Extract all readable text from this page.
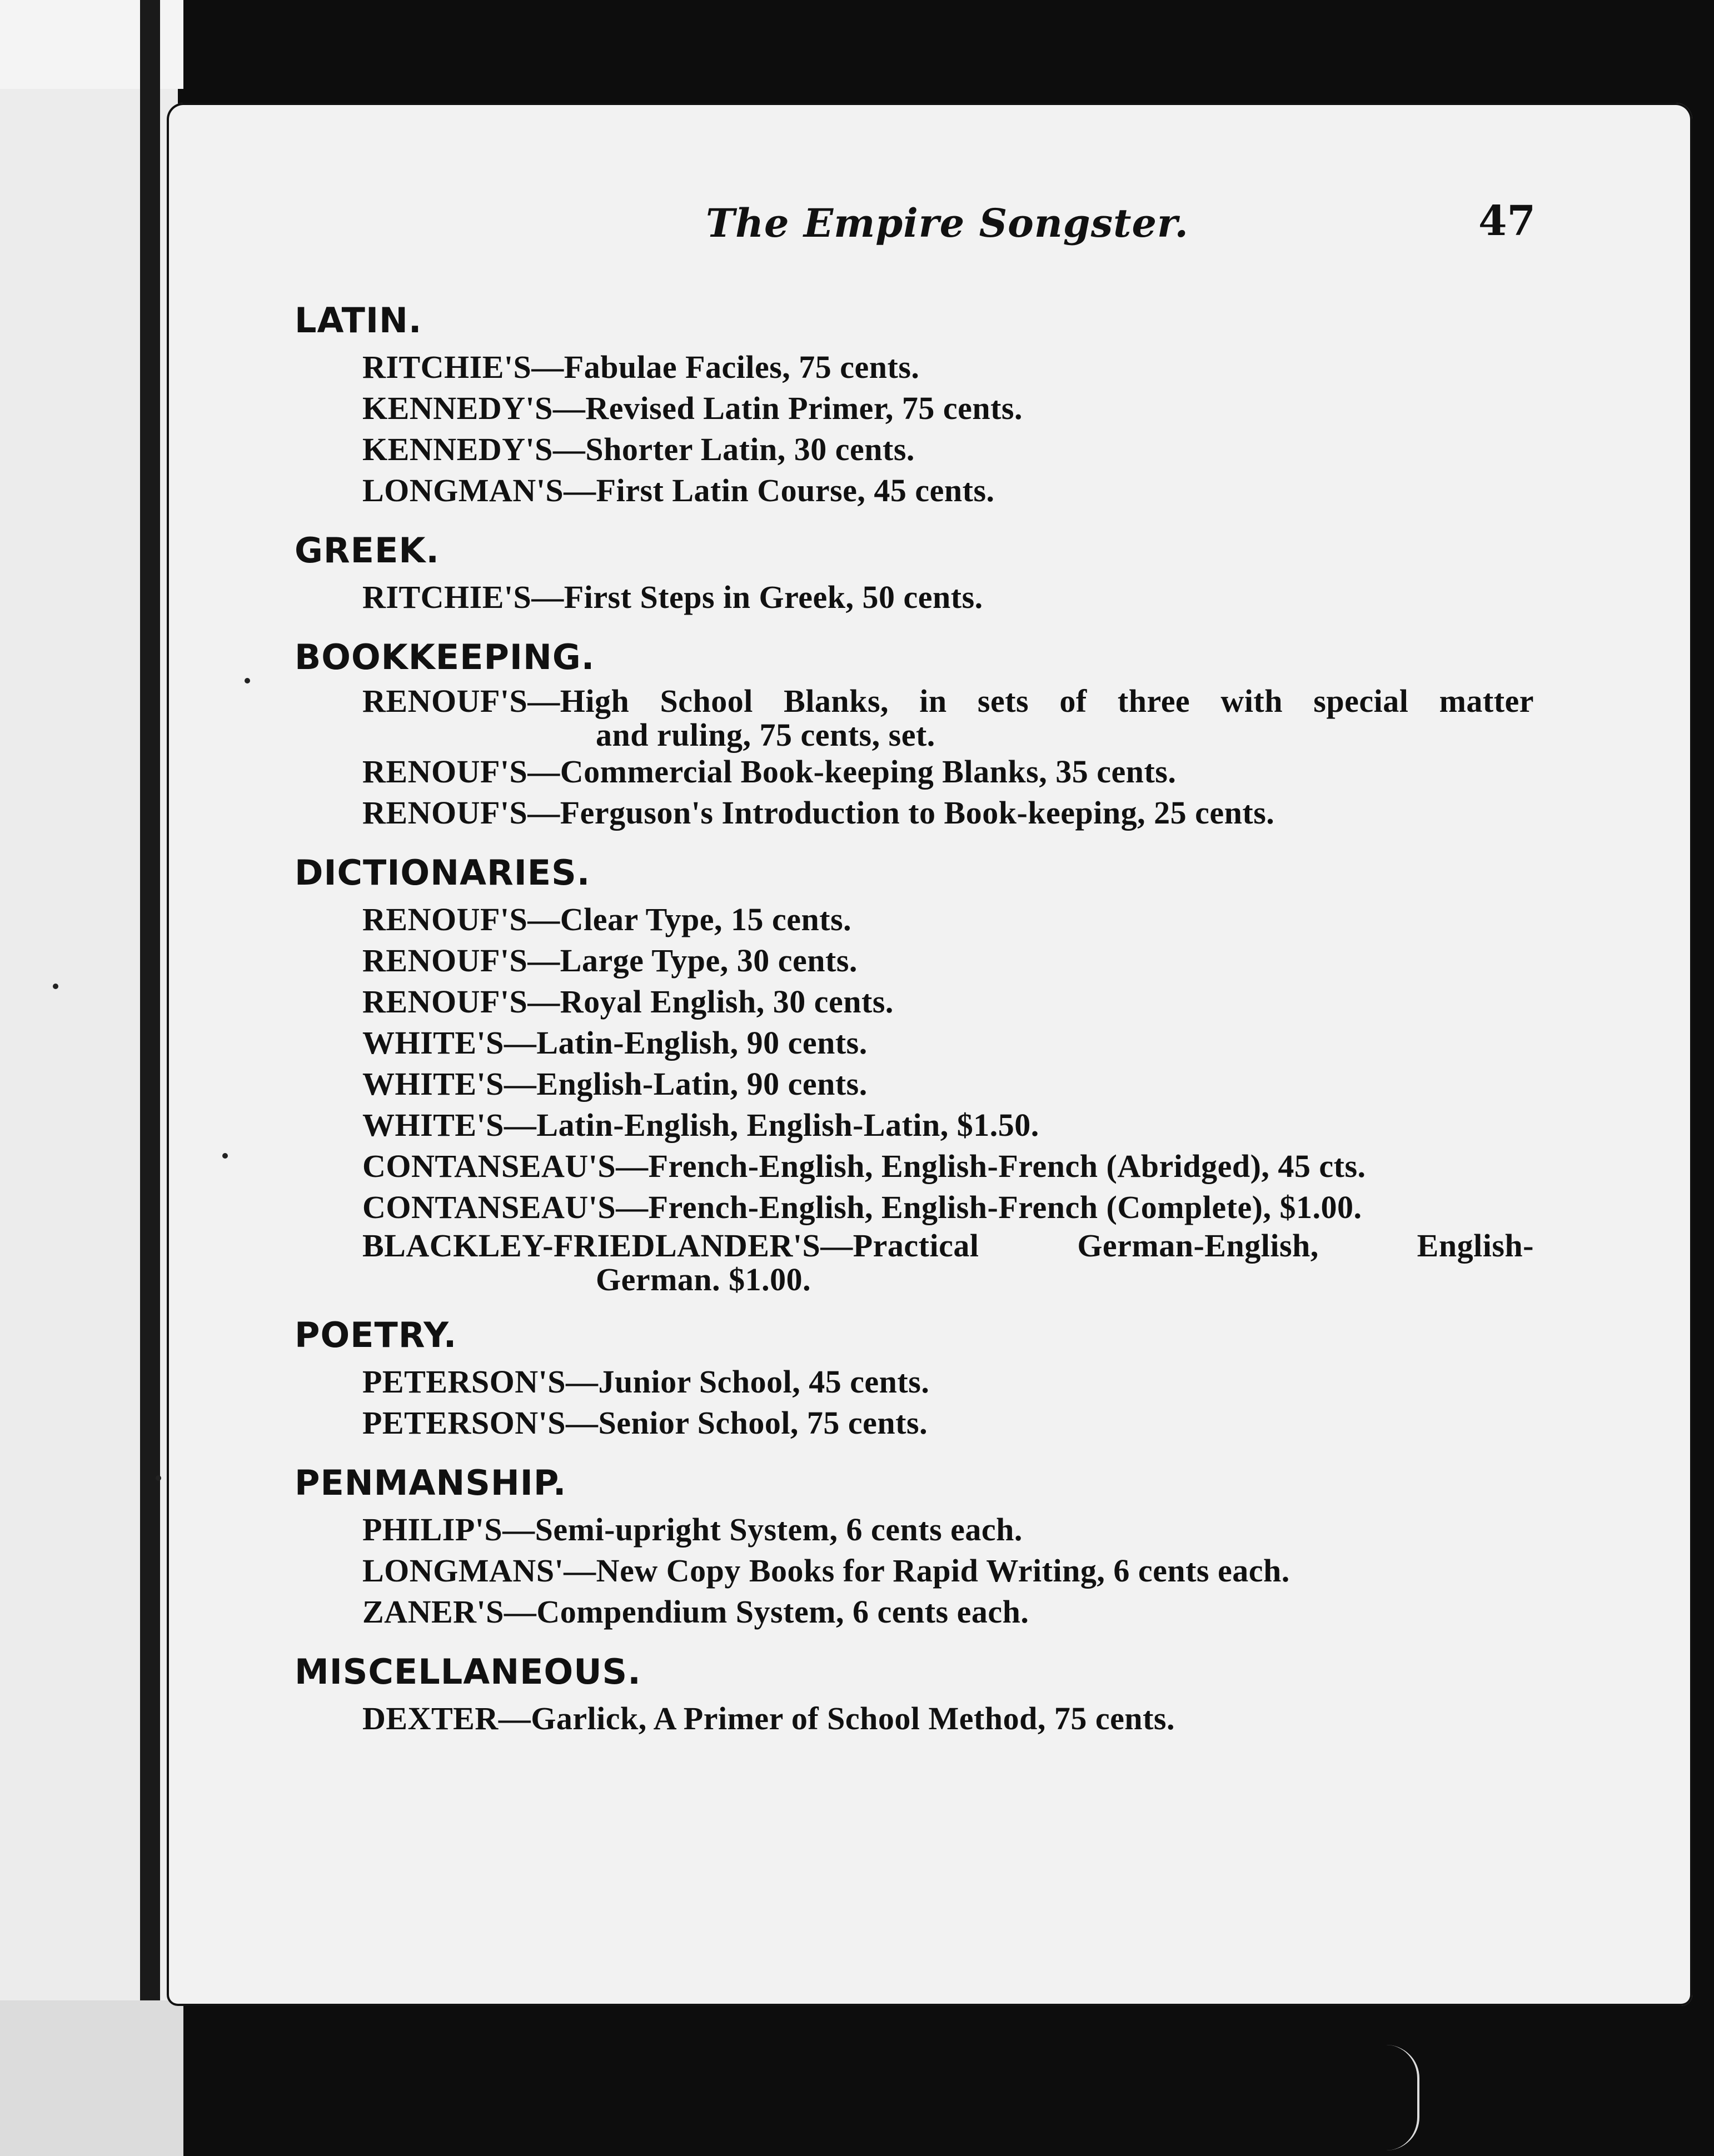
The Empire Songster.	47
LATIN.
RITCHIE'S—Fabulae Faciles, 75 cents.
KENNEDY'S—Revised Latin Primer, 75 cents.
KENNEDY'S—Shorter Latin, 30 cents.
LONGMAN'S—First Latin Course, 45 cents.
GREEK.
RITCHIE'S—First Steps in Greek, 50 cents.
BOOKKEEPING.
RENOUF'S—High School Blanks, in sets of three with special matter
and ruling, 75 cents, set.
RENOUF'S—Commercial Book-keeping Blanks, 35 cents.
RENOUF'S—Ferguson's Introduction to Book-keeping, 25 cents.
DICTIONARIES.
RENOUF'S—Clear Type, 15 cents.
RENOUF'S—Large Type, 30 cents.
RENOUF'S—Royal English, 30 cents.
WHITE'S—Latin-English, 90 cents.
WHITE'S—English-Latin, 90 cents.
WHITE'S—Latin-English, English-Latin, $1.50.
CONTANSEAU'S—French-English, English-French (Abridged), 45 cts.
CONTANSEAU'S—French-English, English-French (Complete), $1.00.
BLACKLEY-FRIEDLANDER'S—Practical German-English, English-
German. $1.00.
POETRY.
PETERSON'S—Junior School, 45 cents.
PETERSON'S—Senior School, 75 cents.
PENMANSHIP.
PHILIP'S—Semi-upright System, 6 cents each.
LONGMANS'—New Copy Books for Rapid Writing, 6 cents each.
ZANER'S—Compendium System, 6 cents each.
MISCELLANEOUS.
DEXTER—Garlick, A Primer of School Method, 75 cents.
